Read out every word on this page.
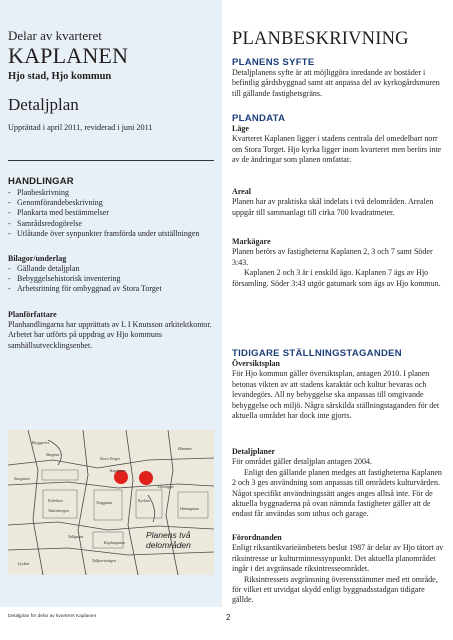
Delar av kvarteret
KAPLANEN
Hjo stad, Hjo kommun
Detaljplan
Upprättad i april 2011, reviderad i juni 2011
HANDLINGAR
- Planbeskrivning
- Genomförandebeskrivning
- Plankarta med bestämmelser
- Samrådsredogörelse
- Utlåtande över synpunkter framförda under utställningen
Bilagor/underlag
- Gällande detaljplan
- Bebyggelsehistorisk inventering
- Arbetsritning för ombyggnad av Stora Torget
Planförfattare
Planhandlingarna har upprättats av L I Knutsson arkitektkontor. Arbetet har utförts på uppdrag av Hjo kommuns samhällsutvecklingsenhet.
Bryggeriet
Skeppsa-
Storgatan
Stora Torget
Kaplanen
Fabriken
Hamnen
Vattenborgen
Kyrkan
Hjovägen
Torggatan
Vallgatan
Kaplangatan
Lyckan
Hamngatan
Tullportsvägen
Planens två
delområden
Detaljplan för delar av kvarteret Kaplanen	2
PLANBESKRIVNING
PLANENS SYFTE
Detaljplanens syfte är att möjliggöra inredande av bostäder i befintlig gårdsbyggnad samt att anpassa del av kyrkogårdsmuren till gällande fastighetsgräns.
PLANDATA
Läge
Kvarteret Kaplanen ligger i stadens centrala del omedelbart norr om Stora Torget. Hjo kyrka ligger inom kvarteret men berörs inte av de ändringar som planen omfattar.
Areal
Planen har av praktiska skäl indelats i två delområden. Arealen uppgår till sammanlagt till cirka 700 kvadratmeter.
Markägare

Planen berörs av fastigheterna Kaplanen 2, 3 och 7 samt Söder 3:43.

Kaplanen 2 och 3 är i enskild ägo. Kaplanen 7 ägs av Hjo församling. Söder 3:43 utgör gatumark som ägs av Hjo kommun.

TIDIGARE STÄLLNINGSTAGANDEN
Översiktsplan
För Hjo kommun gäller översiktsplan, antagen 2010. I planen betonas vikten av att stadens karaktär och kultur bevaras och levandegörs. All ny bebyggelse ska anpassas till omgivande bebyggelse och miljö. Några särskilda ställningstaganden för det aktuella området har dock inte gjorts.
Detaljplaner

För området gäller detaljplan antagen 2004.

Enligt den gällande planen medges att fastigheterna Kaplanen 2 och 3 ges användning som anpassas till områdets kulturvärden. Något specifikt användningssätt anges anges alltså inte. För de aktuella byggnaderna på ovan nämnda fastigheter gäller att de endast får användas som uthus och garage.

Förordnanden

Enligt riksantikvarieämbetets beslut 1987 är delar av Hjo tätort av riksintresse ur kulturminnessynpunkt. Det aktuella planområdet ingår i det avgränsade riksintresseområdet.

Riksintressets avgränsning överensstämmer med ett område, för vilket ett utvidgat skydd enligt byggnadsstadgan tidigare gällde.
